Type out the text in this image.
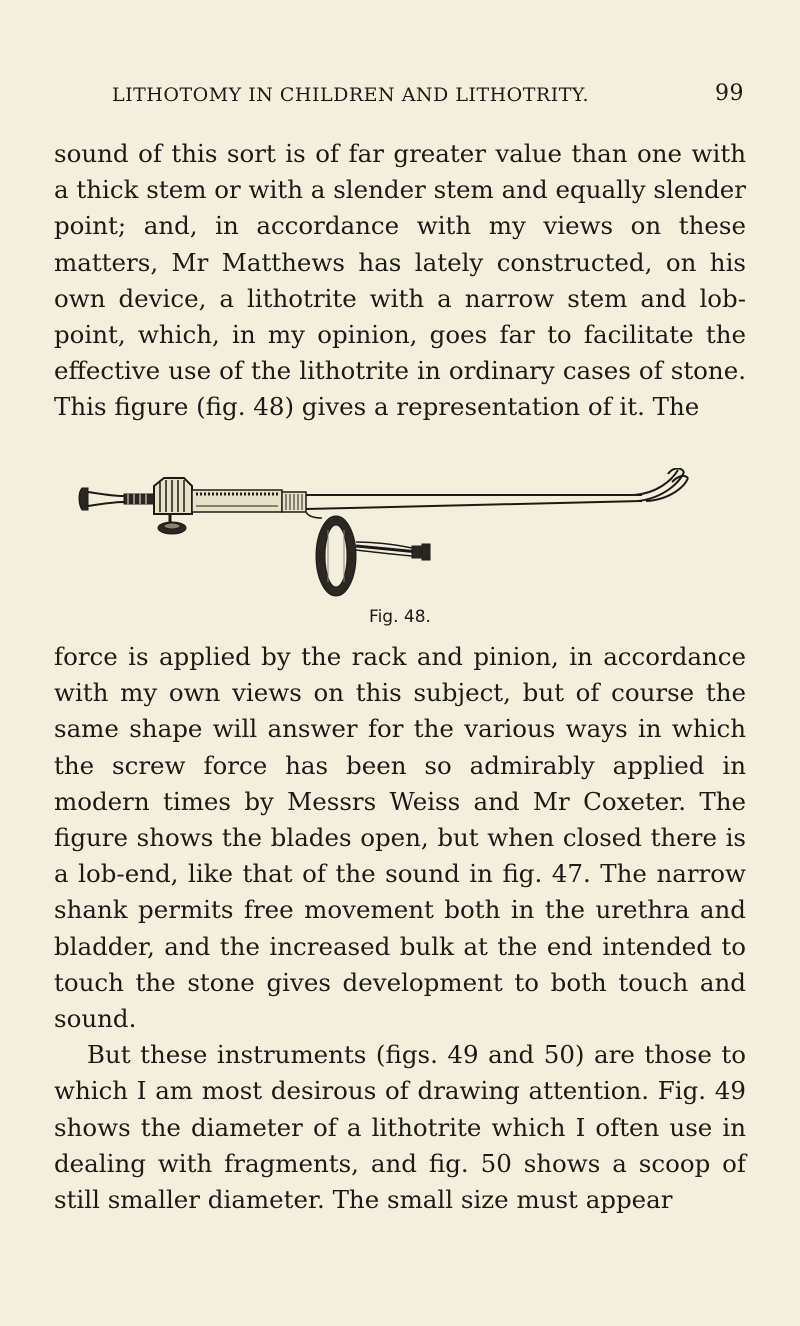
LITHOTOMY IN CHILDREN AND LITHOTRITY.	99

sound of this sort is of far greater value than one with a thick stem or with a slender stem and equally slender point; and, in accordance with my views on these matters, Mr Matthews has lately constructed, on his own device, a lithotrite with a narrow stem and lob-point, which, in my opinion, goes far to facilitate the effective use of the lithotrite in ordinary cases of stone. This figure (fig. 48) gives a representation of it. The

Fig. 48.

force is applied by the rack and pinion, in accordance with my own views on this subject, but of course the same shape will answer for the various ways in which the screw force has been so admirably applied in modern times by Messrs Weiss and Mr Coxeter. The figure shows the blades open, but when closed there is a lob-end, like that of the sound in fig. 47. The narrow shank permits free movement both in the urethra and bladder, and the increased bulk at the end intended to touch the stone gives development to both touch and sound.

But these instruments (figs. 49 and 50) are those to which I am most desirous of drawing attention. Fig. 49 shows the diameter of a lithotrite which I often use in dealing with fragments, and fig. 50 shows a scoop of still smaller diameter. The small size must appear
